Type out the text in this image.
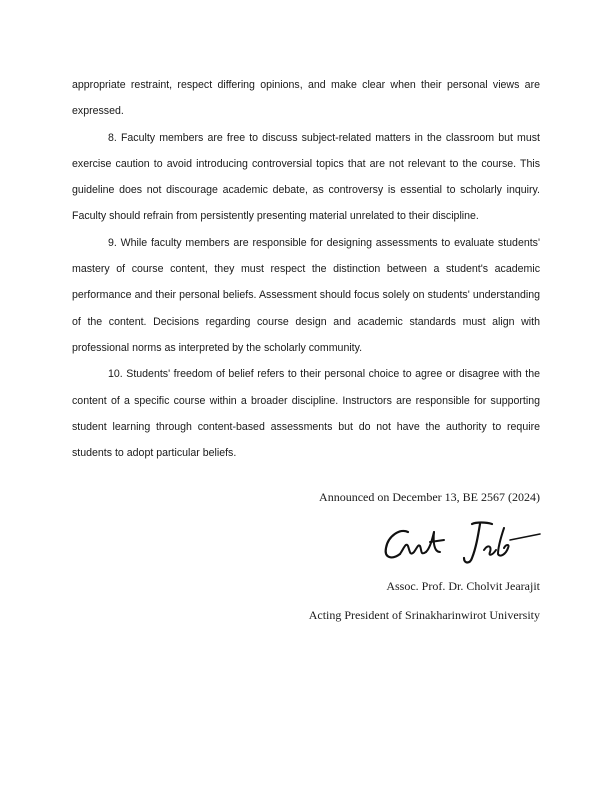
appropriate restraint, respect differing opinions, and make clear when their personal views are expressed.

8. Faculty members are free to discuss subject-related matters in the classroom but must exercise caution to avoid introducing controversial topics that are not relevant to the course. This guideline does not discourage academic debate, as controversy is essential to scholarly inquiry. Faculty should refrain from persistently presenting material unrelated to their discipline.

9. While faculty members are responsible for designing assessments to evaluate students' mastery of course content, they must respect the distinction between a student's academic performance and their personal beliefs. Assessment should focus solely on students' understanding of the content. Decisions regarding course design and academic standards must align with professional norms as interpreted by the scholarly community.

10. Students' freedom of belief refers to their personal choice to agree or disagree with the content of a specific course within a broader discipline. Instructors are responsible for supporting student learning through content-based assessments but do not have the authority to require students to adopt particular beliefs.

Announced on December 13, BE 2567 (2024)
Assoc. Prof. Dr. Cholvit Jearajit
Acting President of Srinakharinwirot University
